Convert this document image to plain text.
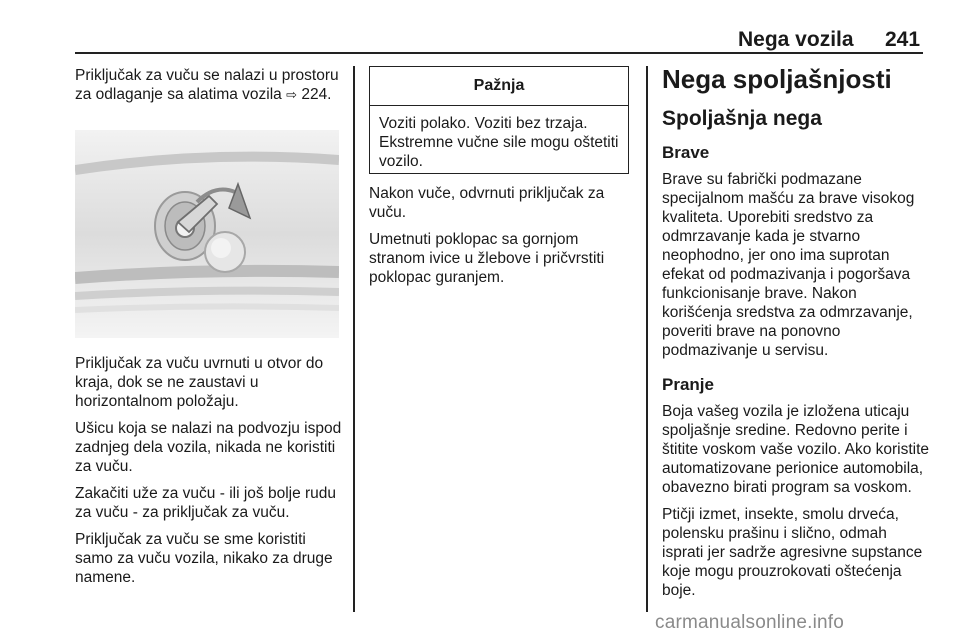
Nega vozila 241

Priključak za vuču se nalazi u prostoru za odlaganje sa alatima vozila ⇨ 224.

Priključak za vuču uvrnuti u otvor do kraja, dok se ne zaustavi u horizontalnom položaju.

Ušicu koja se nalazi na podvozju ispod zadnjeg dela vozila, nikada ne koristiti za vuču.

Zakačiti uže za vuču - ili još bolje rudu za vuču - za priključak za vuču.

Priključak za vuču se sme koristiti samo za vuču vozila, nikako za druge namene.

Pažnja
Voziti polako. Voziti bez trzaja. Ekstremne vučne sile mogu oštetiti vozilo.

Nakon vuče, odvrnuti priključak za vuču.

Umetnuti poklopac sa gornjom stranom ivice u žlebove i pričvrstiti poklopac guranjem.

Nega spoljašnjosti
Spoljašnja nega
Brave

Brave su fabrički podmazane specijalnom mašću za brave visokog kvaliteta. Uporebiti sredstvo za odmrzavanje kada je stvarno neophodno, jer ono ima suprotan efekat od podmazivanja i pogoršava funkcionisanje brave. Nakon korišćenja sredstva za odmrzavanje, poveriti brave na ponovno podmazivanje u servisu.

Pranje

Boja vašeg vozila je izložena uticaju spoljašnje sredine. Redovno perite i štitite voskom vaše vozilo. Ako koristite automatizovane perionice automobila, obavezno birati program sa voskom.

Ptičji izmet, insekte, smolu drveća, polensku prašinu i slično, odmah isprati jer sadrže agresivne supstance koje mogu prouzrokovati oštećenja boje.

carmanualsonline.info
